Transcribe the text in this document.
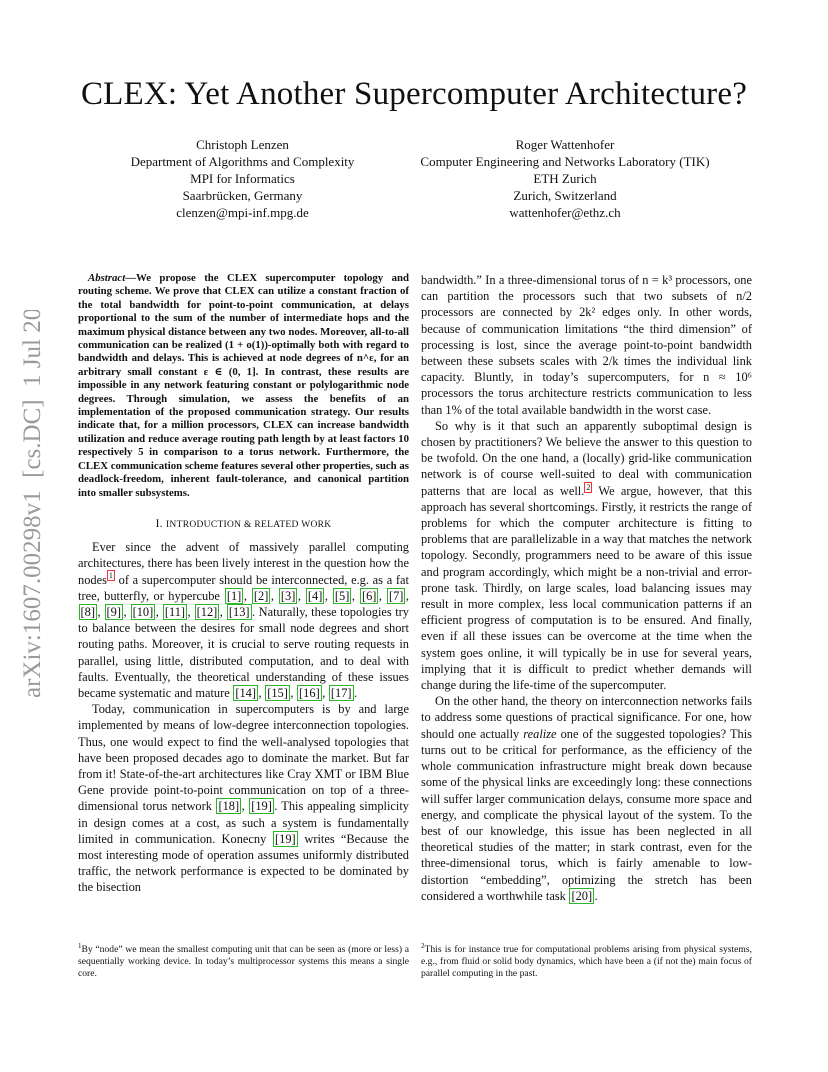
arXiv:1607.00298v1  [cs.DC]  1 Jul 2016
CLEX: Yet Another Supercomputer Architecture?
Christoph Lenzen
Department of Algorithms and Complexity
MPI for Informatics
Saarbrücken, Germany
clenzen@mpi-inf.mpg.de
Roger Wattenhofer
Computer Engineering and Networks Laboratory (TIK)
ETH Zurich
Zurich, Switzerland
wattenhofer@ethz.ch

Abstract—We propose the CLEX supercomputer topology and routing scheme. We prove that CLEX can utilize a constant fraction of the total bandwidth for point-to-point communication, at delays proportional to the sum of the number of intermediate hops and the maximum physical distance between any two nodes. Moreover, all-to-all communication can be realized (1 + o(1))-optimally both with regard to bandwidth and delays. This is achieved at node degrees of n^ε, for an arbitrary small constant ε ∈ (0, 1]. In contrast, these results are impossible in any network featuring constant or polylogarithmic node degrees. Through simulation, we assess the benefits of an implementation of the proposed communication strategy. Our results indicate that, for a million processors, CLEX can increase bandwidth utilization and reduce average routing path length by at least factors 10 respectively 5 in comparison to a torus network. Furthermore, the CLEX communication scheme features several other properties, such as deadlock-freedom, inherent fault-tolerance, and canonical partition into smaller subsystems.

I. INTRODUCTION & RELATED WORK

Ever since the advent of massively parallel computing architectures, there has been lively interest in the question how the nodes $^1$ of a supercomputer should be interconnected, e.g. as a fat tree, butterfly, or hypercube [1] , [2] , [3] , [4] , [5] , [6] , [7] , [8] , [9] , [10] , [11] , [12] , [13] . Naturally, these topologies try to balance between the desires for small node degrees and short routing paths. Moreover, it is crucial to serve routing requests in parallel, using little, distributed computation, and to deal with faults. Eventually, the theoretical understanding of these issues became systematic and mature [14] , [15] , [16] , [17] .

Today, communication in supercomputers is by and large implemented by means of low-degree interconnection topologies. Thus, one would expect to find the well-analysed topologies that have been proposed decades ago to dominate the market. But far from it! State-of-the-art architectures like Cray XMT or IBM Blue Gene provide point-to-point communication on top of a three-dimensional torus network [18] , [19] . This appealing simplicity in design comes at a cost, as such a system is fundamentally limited in communication. Konecny [19] writes “Because the most interesting mode of operation assumes uniformly distributed traffic, the network performance is expected to be dominated by the bisection

bandwidth.” In a three-dimensional torus of n = k³ processors, one can partition the processors such that two subsets of n/2 processors are connected by 2k² edges only. In other words, because of communication limitations “the third dimension” of processing is lost, since the average point-to-point bandwidth between these subsets scales with 2/k times the individual link capacity. Bluntly, in today’s supercomputers, for n ≈ 10⁶ processors the torus architecture restricts communication to less than 1% of the total available bandwidth in the worst case.

So why is it that such an apparently suboptimal design is chosen by practitioners? We believe the answer to this question to be twofold. On the one hand, a (locally) grid-like communication network is of course well-suited to deal with communication patterns that are local as well. $^2$ We argue, however, that this approach has several shortcomings. Firstly, it restricts the range of problems for which the computer architecture is fitting to problems that are parallelizable in a way that matches the network topology. Secondly, programmers need to be aware of this issue and program accordingly, which might be a non-trivial and error-prone task. Thirdly, on large scales, load balancing issues may result in more complex, less local communication patterns if an efficient progress of computation is to be ensured. And finally, even if all these issues can be overcome at the time when the system goes online, it will typically be in use for several years, implying that it is difficult to predict whether demands will change during the life-time of the supercomputer.

On the other hand, the theory on interconnection networks fails to address some questions of practical significance. For one, how should one actually realize one of the suggested topologies? This turns out to be critical for performance, as the efficiency of the whole communication infrastructure might break down because some of the physical links are exceedingly long: these connections will suffer larger communication delays, consume more space and energy, and complicate the physical layout of the system. To the best of our knowledge, this issue has been neglected in all theoretical studies of the matter; in stark contrast, even for the three-dimensional torus, which is fairly amenable to low-distortion “embedding”, optimizing the stretch has been considered a worthwhile task [20] .

$^1$By “node” we mean the smallest computing unit that can be seen as (more or less) a sequentially working device. In today’s multiprocessor systems this means a single core.
$^2$This is for instance true for computational problems arising from physical systems, e.g., from fluid or solid body dynamics, which have been a (if not the) main focus of parallel computing in the past.
